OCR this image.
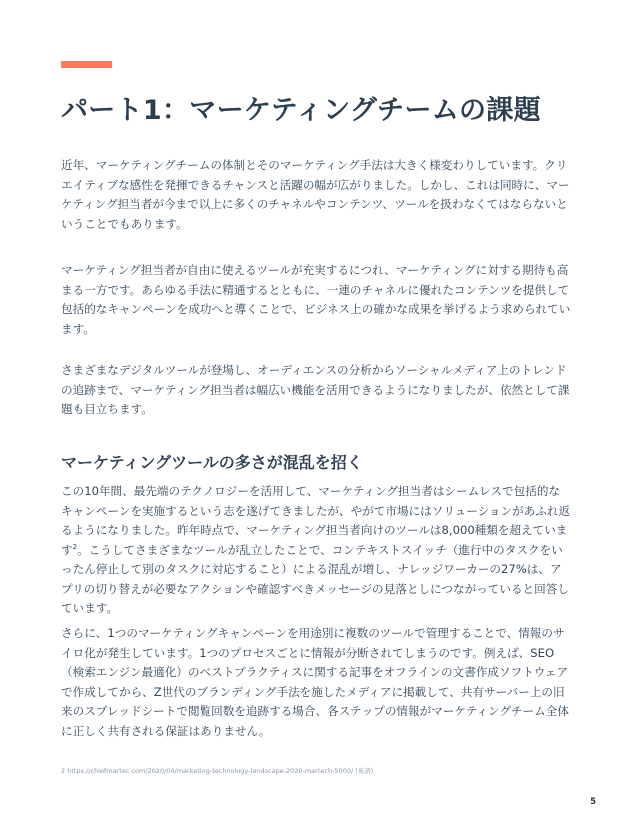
パート1：マーケティングチームの課題

近年、マーケティングチームの体制とそのマーケティング手法は大きく様変わりしています。クリエイティブな感性を発揮できるチャンスと活躍の幅が広がりました。しかし、これは同時に、マーケティング担当者が今まで以上に多くのチャネルやコンテンツ、ツールを扱わなくてはならないということでもあります。

マーケティング担当者が自由に使えるツールが充実するにつれ、マーケティングに対する期待も高まる一方です。あらゆる手法に精通するとともに、一連のチャネルに優れたコンテンツを提供して包括的なキャンペーンを成功へと導くことで、ビジネス上の確かな成果を挙げるよう求められています。

さまざまなデジタルツールが登場し、オーディエンスの分析からソーシャルメディア上のトレンドの追跡まで、マーケティング担当者は幅広い機能を活用できるようになりましたが、依然として課題も目立ちます。

マーケティングツールの多さが混乱を招く

この10年間、最先端のテクノロジーを活用して、マーケティング担当者はシームレスで包括的なキャンペーンを実施するという志を遂げてきましたが、やがて市場にはソリューションがあふれ返るようになりました。昨年時点で、マーケティング担当者向けのツールは8,000種類を超えています$^2$。こうしてさまざまなツールが乱立したことで、コンテキストスイッチ（進行中のタスクをいったん停止して別のタスクに対応すること）による混乱が増し、ナレッジワーカーの27%は、アプリの切り替えが必要なアクションや確認すべきメッセージの見落としにつながっていると回答しています。

さらに、1つのマーケティングキャンペーンを用途別に複数のツールで管理することで、情報のサイロ化が発生しています。1つのプロセスごとに情報が分断されてしまうのです。例えば、SEO（検索エンジン最適化）のベストプラクティスに関する記事をオフラインの文書作成ソフトウェアで作成してから、Z世代のブランディング手法を施したメディアに掲載して、共有サーバー上の旧来のスプレッドシートで閲覧回数を追跡する場合、各ステップの情報がマーケティングチーム全体に正しく共有される保証はありません。

2 https://chiefmartec.com/2020/04/marketing-technology-landscape-2020-martech-5000/ (英語)

5
